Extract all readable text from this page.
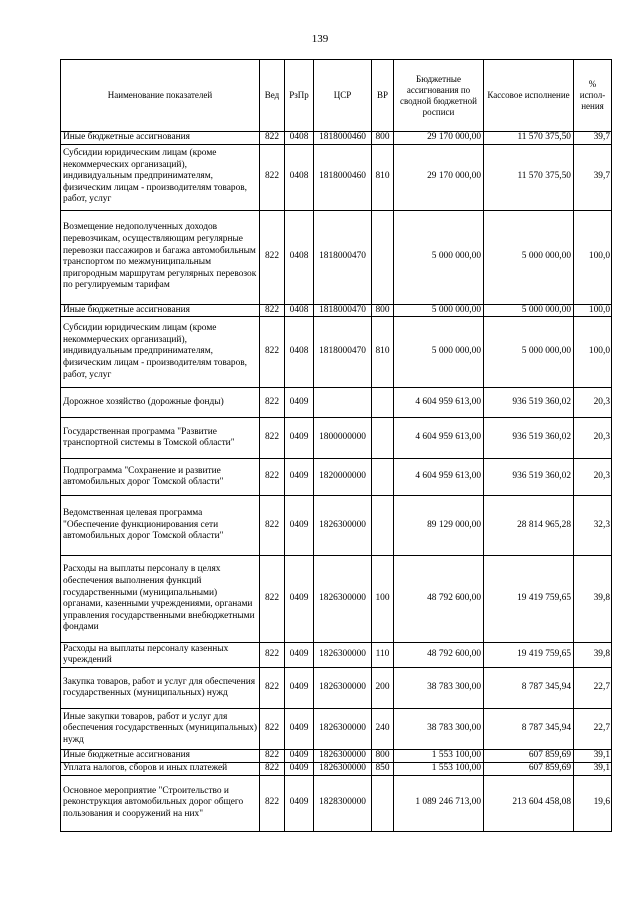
139
Наименование показателей	Вед	РзПр	ЦСР	ВР	Бюджетные ассигнования по сводной бюджетной росписи	Кассовое исполнение	% испол-нения
Иные бюджетные ассигнования	822	0408	1818000460	800	29 170 000,00	11 570 375,50	39,7
Субсидии юридическим лицам (кроме некоммерческих организаций), индивидуальным предпринимателям, физическим лицам - производителям товаров, работ, услуг	822	0408	1818000460	810	29 170 000,00	11 570 375,50	39,7
Возмещение недополученных доходов перевозчикам, осуществляющим регулярные перевозки пассажиров и багажа автомобильным транспортом по межмуниципальным пригородным маршрутам регулярных перевозок по регулируемым тарифам	822	0408	1818000470		5 000 000,00	5 000 000,00	100,0
Иные бюджетные ассигнования	822	0408	1818000470	800	5 000 000,00	5 000 000,00	100,0
Субсидии юридическим лицам (кроме некоммерческих организаций), индивидуальным предпринимателям, физическим лицам - производителям товаров, работ, услуг	822	0408	1818000470	810	5 000 000,00	5 000 000,00	100,0
Дорожное хозяйство (дорожные фонды)	822	0409			4 604 959 613,00	936 519 360,02	20,3
Государственная программа "Развитие транспортной системы в Томской области"	822	0409	1800000000		4 604 959 613,00	936 519 360,02	20,3
Подпрограмма "Сохранение и развитие автомобильных дорог Томской области"	822	0409	1820000000		4 604 959 613,00	936 519 360,02	20,3
Ведомственная целевая программа "Обеспечение функционирования сети автомобильных дорог Томской области"	822	0409	1826300000		89 129 000,00	28 814 965,28	32,3
Расходы на выплаты персоналу в целях обеспечения выполнения функций государственными (муниципальными) органами, казенными учреждениями, органами управления государственными внебюджетными фондами	822	0409	1826300000	100	48 792 600,00	19 419 759,65	39,8
Расходы на выплаты персоналу казенных учреждений	822	0409	1826300000	110	48 792 600,00	19 419 759,65	39,8
Закупка товаров, работ и услуг для обеспечения государственных (муниципальных) нужд	822	0409	1826300000	200	38 783 300,00	8 787 345,94	22,7
Иные закупки товаров, работ и услуг для обеспечения государственных (муниципальных) нужд	822	0409	1826300000	240	38 783 300,00	8 787 345,94	22,7
Иные бюджетные ассигнования	822	0409	1826300000	800	1 553 100,00	607 859,69	39,1
Уплата налогов, сборов и иных платежей	822	0409	1826300000	850	1 553 100,00	607 859,69	39,1
Основное мероприятие "Строительство и реконструкция автомобильных дорог общего пользования и сооружений на них"	822	0409	1828300000		1 089 246 713,00	213 604 458,08	19,6
